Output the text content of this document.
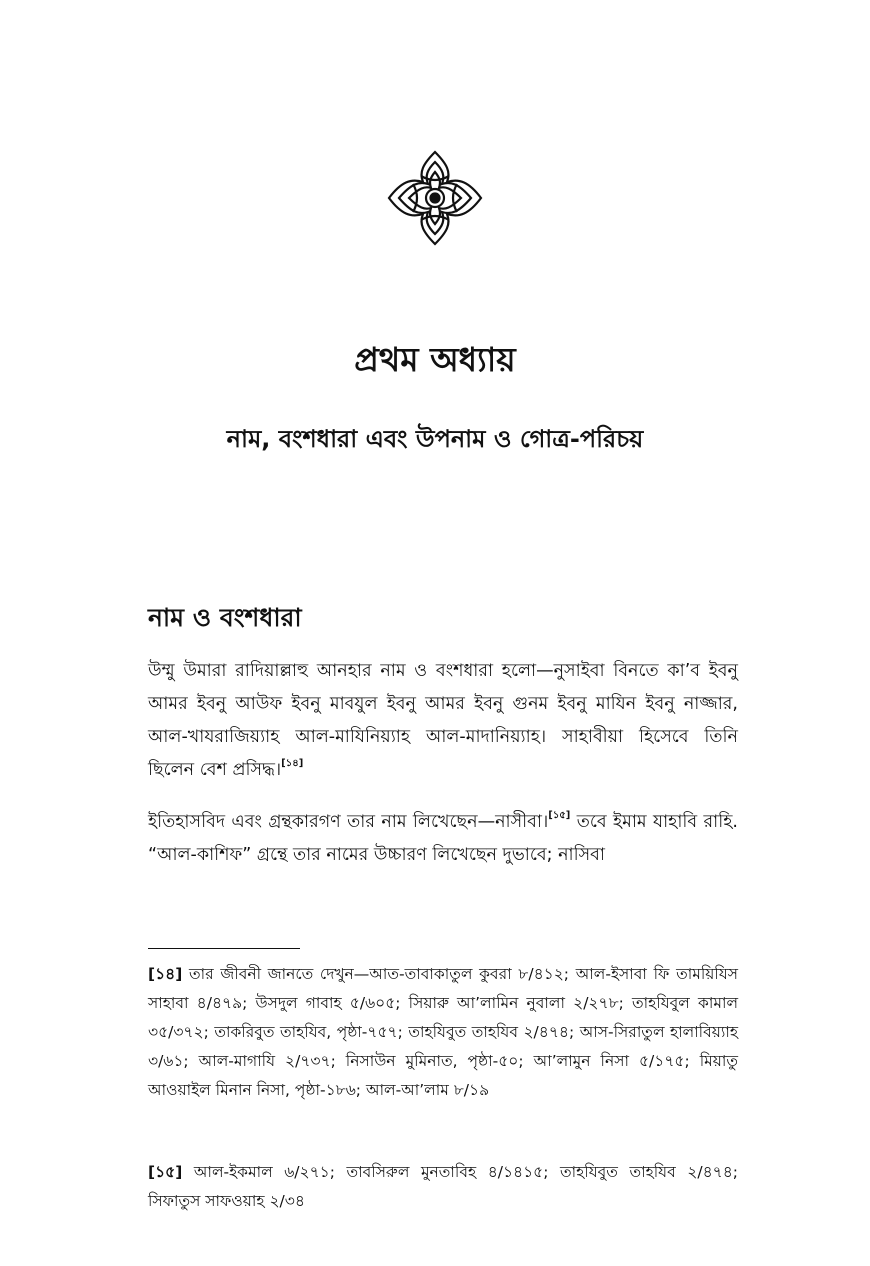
প্রথম অধ্যায়
নাম, বংশধারা এবং উপনাম ও গোত্র-পরিচয়
নাম ও বংশধারা

উম্মু উমারা রাদিয়াল্লাহু আনহার নাম ও বংশধারা হলো—নুসাইবা বিনতে কা’ব ইবনু আমর ইবনু আউফ ইবনু মাবযুল ইবনু আমর ইবনু গুনম ইবনু মাযিন ইবনু নাজ্জার, আল-খাযরাজিয়্যাহ আল-মাযিনিয়্যাহ আল-মাদানিয়্যাহ। সাহাবীয়া হিসেবে তিনি ছিলেন বেশ প্রসিদ্ধ।[১৪]

ইতিহাসবিদ এবং গ্রন্থকারগণ তার নাম লিখেছেন—নাসীবা।[১৫] তবে ইমাম যাহাবি রাহি. “আল-কাশিফ” গ্রন্থে তার নামের উচ্চারণ লিখেছেন দুভাবে; নাসিবা

[১৪] তার জীবনী জানতে দেখুন—আত-তাবাকাতুল কুবরা ৮/৪১২; আল-ইসাবা ফি তাময়িযিস সাহাবা ৪/৪৭৯; উসদুল গাবাহ ৫/৬০৫; সিয়ারু আ’লামিন নুবালা ২/২৭৮; তাহযিবুল কামাল ৩৫/৩৭২; তাকরিবুত তাহযিব, পৃষ্ঠা-৭৫৭; তাহযিবুত তাহযিব ২/৪৭৪; আস-সিরাতুল হালাবিয়্যাহ ৩/৬১; আল-মাগাযি ২/৭৩৭; নিসাউন মুমিনাত, পৃষ্ঠা-৫০; আ’লামুন নিসা ৫/১৭৫; মিয়াতু আওয়াইল মিনান নিসা, পৃষ্ঠা-১৮৬; আল-আ’লাম ৮/১৯

[১৫] আল-ইকমাল ৬/২৭১; তাবসিরুল মুনতাবিহ ৪/১৪১৫; তাহযিবুত তাহযিব ২/৪৭৪; সিফাতুস সাফওয়াহ ২/৩৪
